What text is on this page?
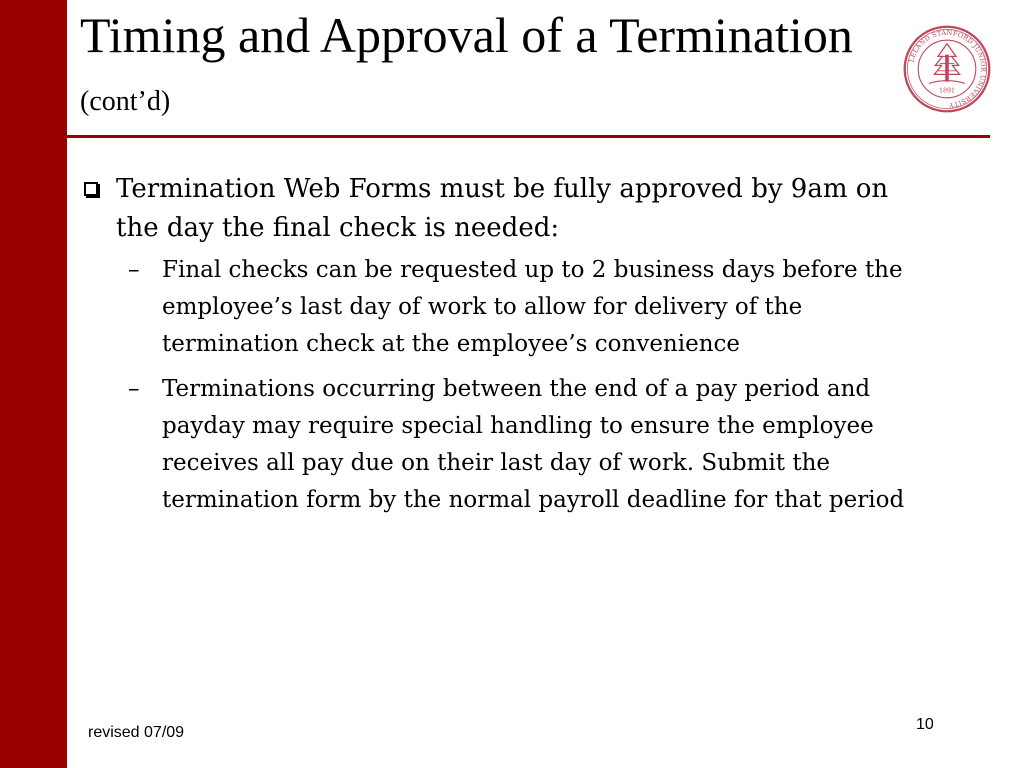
Timing and Approval of a Termination (cont’d)
LELAND STANFORD JUNIOR UNIVERSITY
1891
Termination Web Forms must be fully approved by 9am on the day the final check is needed:
– Final checks can be requested up to 2 business days before the employee’s last day of work to allow for delivery of the termination check at the employee’s convenience
– Terminations occurring between the end of a pay period and payday may require special handling to ensure the employee receives all pay due on their last day of work. Submit the termination form by the normal payroll deadline for that period
revised 07/09	10
